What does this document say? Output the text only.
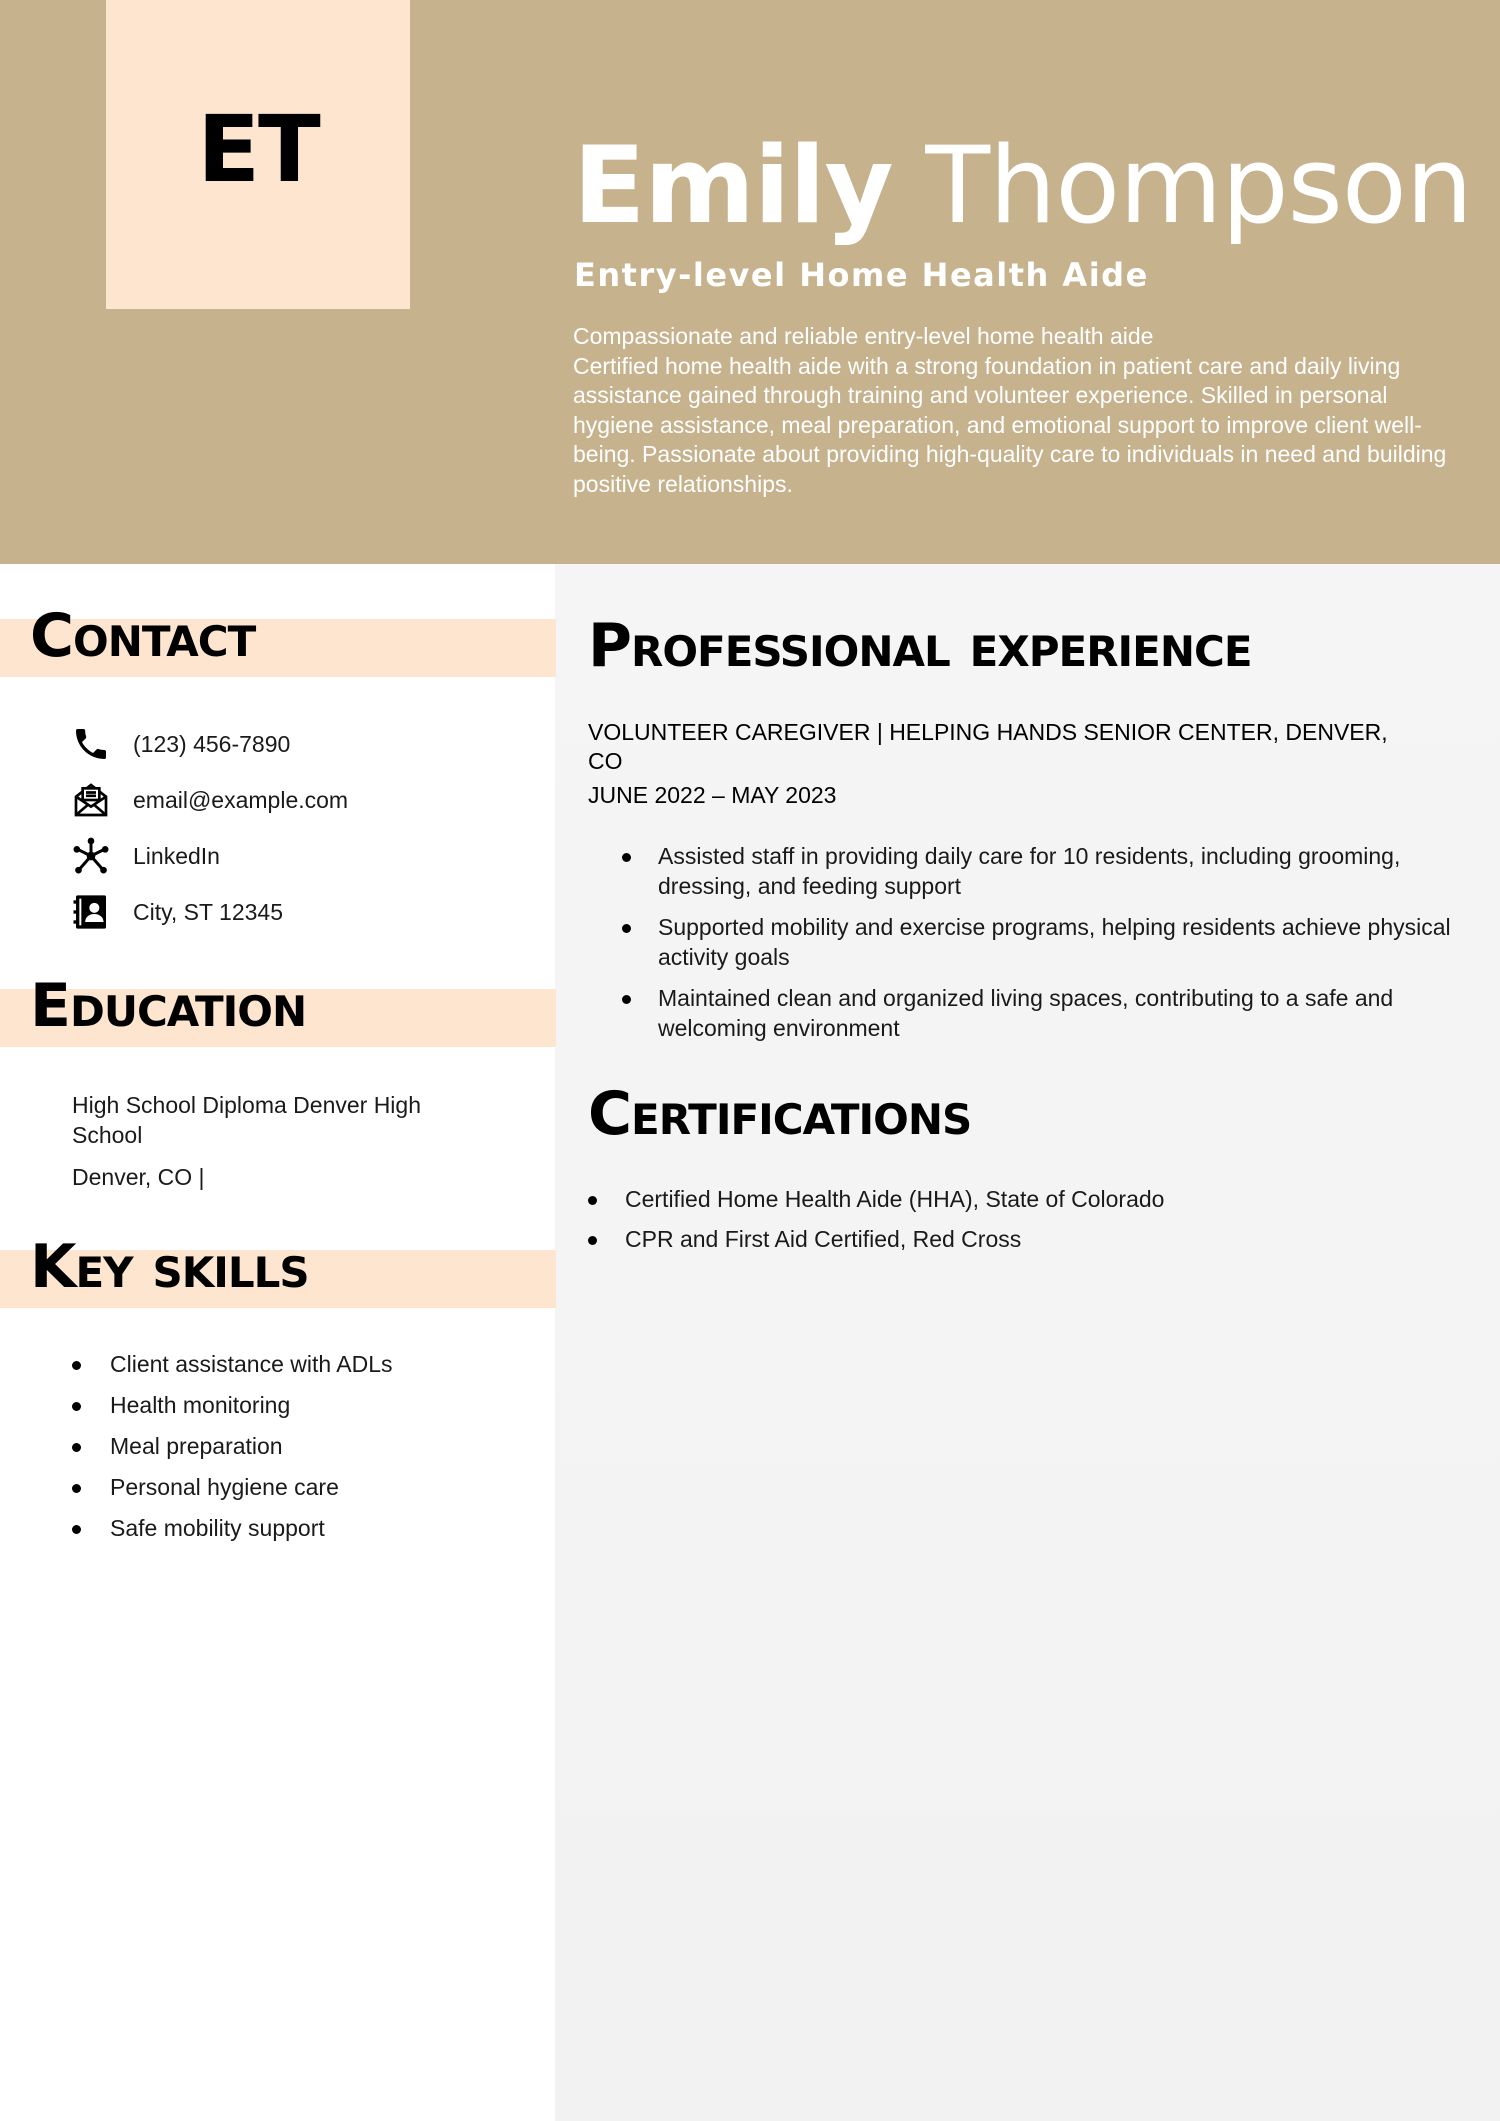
ET Emily Thompson
Entry-level Home Health Aide
Compassionate and reliable entry-level home health aide
Certified home health aide with a strong foundation in patient care and daily living assistance gained through training and volunteer experience. Skilled in personal hygiene assistance, meal preparation, and emotional support to improve client well-being. Passionate about providing high-quality care to individuals in need and building positive relationships.
Contact
(123) 456-7890
email@example.com
LinkedIn
City, ST 12345
Education
High School Diploma Denver High School
Denver, CO |
Key skills
Client assistance with ADLs
Health monitoring
Meal preparation
Personal hygiene care
Safe mobility support
Professional experience
VOLUNTEER CAREGIVER | HELPING HANDS SENIOR CENTER, DENVER, CO
JUNE 2022 – MAY 2023
Assisted staff in providing daily care for 10 residents, including grooming, dressing, and feeding support
Supported mobility and exercise programs, helping residents achieve physical activity goals
Maintained clean and organized living spaces, contributing to a safe and welcoming environment
Certifications
Certified Home Health Aide (HHA), State of Colorado
CPR and First Aid Certified, Red Cross
